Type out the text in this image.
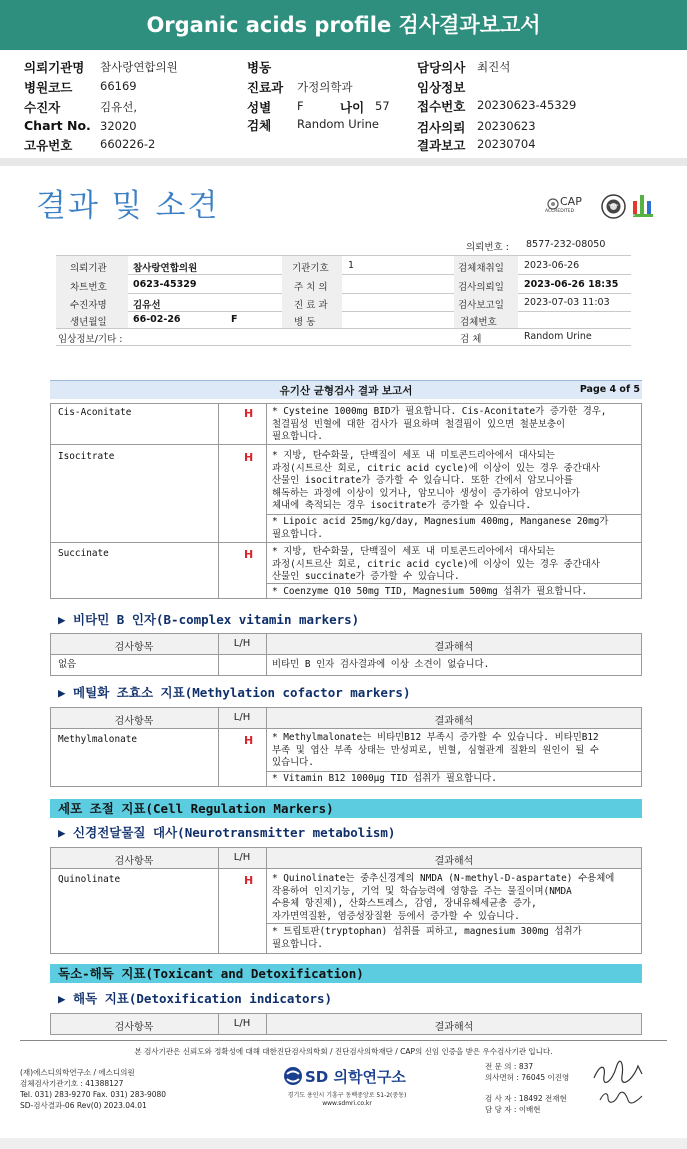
Organic acids profile 검사결과보고서
의뢰기관명 참사랑연합의원
병원코드 66169
수진자	김유선,
Chart No. 32020
고유번호 660226-2
병동
진료과 가정의학과
성별 F	나이 57
검체 Random Urine
담당의사 최진석
임상정보
접수번호 20230623-45329
검사의뢰 20230623
결과보고 20230704
결과 및 소견	CAP
ACCREDITED
KOLAS
LiL
의뢰번호 : 8577-232-08050
의뢰기관	참사랑연합의원	기관기호 1	검체채취일 2023-06-26
차트번호	0623-45329	주 치 의	검사의뢰일 2023-06-26 18:35
수진자명	김유선	진 료 과	검사보고일 2023-07-03 11:03
생년월일	66-02-26	F	병 동	검체번호
임상정보/기타 :	검 체	Random Urine
유기산 균형검사 결과 보고서	Page 4 of 5
Cis-Aconitate	H * Cysteine 1000mg BID가 필요합니다. Cis-Aconitate가 증가한 경우,
철결핍성 빈혈에 대한 검사가 필요하며 철결핍이 있으면 철분보충이
필요합니다.
Isocitrate	H * 지방, 탄수화물, 단백질이 세포 내 미토콘드리아에서 대사되는
과정(시트르산 회로, citric acid cycle)에 이상이 있는 경우 중간대사
산물인 isocitrate가 증가할 수 있습니다. 또한 간에서 암모니아를
해독하는 과정에 이상이 있거나, 암모니아 생성이 증가하여 암모니아가
체내에 축적되는 경우 isocitrate가 증가할 수 있습니다.
* Lipoic acid 25mg/kg/day, Magnesium 400mg, Manganese 20mg가
필요합니다.
Succinate	H * 지방, 탄수화물, 단백질이 세포 내 미토콘드리아에서 대사되는
과정(시트르산 회로, citric acid cycle)에 이상이 있는 경우 중간대사
산물인 succinate가 증가할 수 있습니다.
* Coenzyme Q10 50mg TID, Magnesium 500mg 섭취가 필요합니다.
▶ 비타민 B 인자(B-complex vitamin markers)
검사항목	L/H	결과해석
없음	비타민 B 인자 검사결과에 이상 소견이 없습니다.
▶ 메틸화 조효소 지표(Methylation cofactor markers)
검사항목	L/H	결과해석
Methylmalonate	H * Methylmalonate는 비타민B12 부족시 증가할 수 있습니다. 비타민B12
부족 및 엽산 부족 상태는 만성피로, 빈혈, 심혈관계 질환의 원인이 될 수
있습니다.
* Vitamin B12 1000μg TID 섭취가 필요합니다.
세포 조절 지표(Cell Regulation Markers)
▶ 신경전달물질 대사(Neurotransmitter metabolism)
검사항목	L/H	결과해석
Quinolinate	H * Quinolinate는 중추신경계의 NMDA (N-methyl-D-aspartate) 수용체에
작용하여 인지기능, 기억 및 학습능력에 영향을 주는 물질이며(NMDA
수용체 항진제), 산화스트레스, 감염, 장내유해세균총 증가,
자가면역질환, 염증성장질환 등에서 증가할 수 있습니다.
* 트립토판(tryptophan) 섭취를 피하고, magnesium 300mg 섭취가
필요합니다.
독소-해독 지표(Toxicant and Detoxification)
▶ 해독 지표(Detoxification indicators)
검사항목	L/H	결과해석
본 검사기관은 신뢰도와 정확성에 대해 대한진단검사의학회 / 진단검사의학재단 / CAP의 신임 인증을 받은 우수검사기관 입니다.
(재)에스디의학연구소 / 에스디의원
검체검사기관기호 : 41388127
Tel. 031) 283-9270 Fax. 031) 283-9080
SD-검사결과-06 Rev(0) 2023.04.01
SD 의학연구소
경기도 용인시 기흥구 동백중앙로 51-2(중동)
www.sdmri.co.kr
전 문 의 : 837
의사면허 : 76045 이진영
검 사 자 : 18492 전재현
담 당 자 : 이배현
